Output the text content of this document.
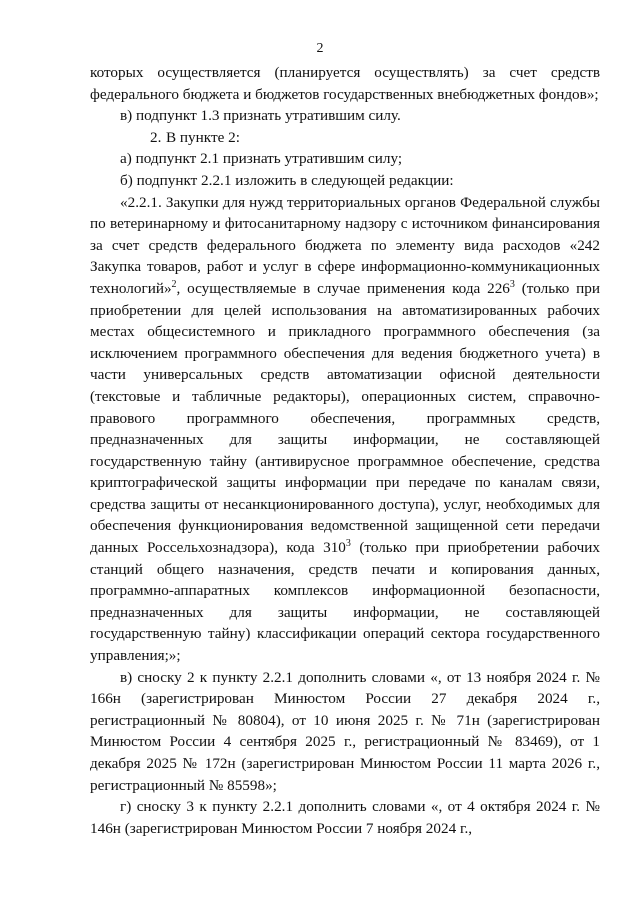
2

которых осуществляется (планируется осуществлять) за счет средств федерального бюджета и бюджетов государственных внебюджетных фондов»;

в) подпункт 1.3 признать утратившим силу.

2. В пункте 2:

а) подпункт 2.1 признать утратившим силу;

б) подпункт 2.2.1 изложить в следующей редакции:

«2.2.1. Закупки для нужд территориальных органов Федеральной службы по ветеринарному и фитосанитарному надзору с источником финансирования за счет средств федерального бюджета по элементу вида расходов «242 Закупка товаров, работ и услуг в сфере информационно-коммуникационных технологий»$^2$, осуществляемые в случае применения кода $226^3$ (только при приобретении для целей использования на автоматизированных рабочих местах общесистемного и прикладного программного обеспечения (за исключением программного обеспечения для ведения бюджетного учета) в части универсальных средств автоматизации офисной деятельности (текстовые и табличные редакторы), операционных систем, справочно-правового программного обеспечения, программных средств, предназначенных для защиты информации, не составляющей государственную тайну (антивирусное программное обеспечение, средства криптографической защиты информации при передаче по каналам связи, средства защиты от несанкционированного доступа), услуг, необходимых для обеспечения функционирования ведомственной защищенной сети передачи данных Россельхознадзора), кода $310^3$ (только при приобретении рабочих станций общего назначения, средств печати и копирования данных, программно-аппаратных комплексов информационной безопасности, предназначенных для защиты информации, не составляющей государственную тайну) классификации операций сектора государственного управления;»;

в) сноску 2 к пункту 2.2.1 дополнить словами «, от 13 ноября 2024 г. № 166н (зарегистрирован Минюстом России 27 декабря 2024 г., регистрационный № 80804), от 10 июня 2025 г. № 71н (зарегистрирован Минюстом России 4 сентября 2025 г., регистрационный № 83469), от 1 декабря 2025 № 172н (зарегистрирован Минюстом России 11 марта 2026 г., регистрационный № 85598»;

г) сноску 3 к пункту 2.2.1 дополнить словами «, от 4 октября 2024 г. № 146н (зарегистрирован Минюстом России 7 ноября 2024 г.,
